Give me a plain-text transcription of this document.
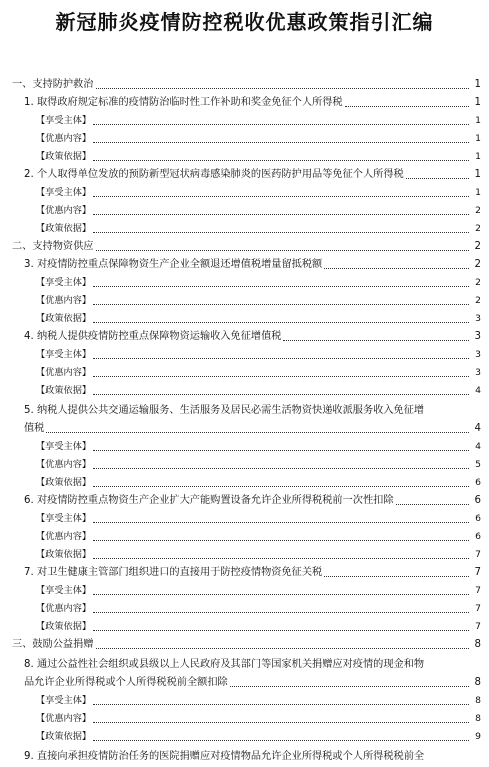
新冠肺炎疫情防控税收优惠政策指引汇编
一、支持防护救治	1
1. 取得政府规定标准的疫情防治临时性工作补助和奖金免征个人所得税	1
【享受主体】	1
【优惠内容】	1
【政策依据】	1
2. 个人取得单位发放的预防新型冠状病毒感染肺炎的医药防护用品等免征个人所得税	1
【享受主体】	1
【优惠内容】	2
【政策依据】	2
二、支持物资供应	2
3. 对疫情防控重点保障物资生产企业全额退还增值税增量留抵税额	2
【享受主体】	2
【优惠内容】	2
【政策依据】	3
4. 纳税人提供疫情防控重点保障物资运输收入免征增值税	3
【享受主体】	3
【优惠内容】	3
【政策依据】	4
5. 纳税人提供公共交通运输服务、生活服务及居民必需生活物资快递收派服务收入免征增
值税	4
【享受主体】	4
【优惠内容】	5
【政策依据】	6
6. 对疫情防控重点物资生产企业扩大产能购置设备允许企业所得税税前一次性扣除	6
【享受主体】	6
【优惠内容】	6
【政策依据】	7
7. 对卫生健康主管部门组织进口的直接用于防控疫情物资免征关税	7
【享受主体】	7
【优惠内容】	7
【政策依据】	7
三、鼓励公益捐赠	8
8. 通过公益性社会组织或县级以上人民政府及其部门等国家机关捐赠应对疫情的现金和物
品允许企业所得税或个人所得税税前全额扣除	8
【享受主体】	8
【优惠内容】	8
【政策依据】	9
9. 直接向承担疫情防治任务的医院捐赠应对疫情物品允许企业所得税或个人所得税税前全
